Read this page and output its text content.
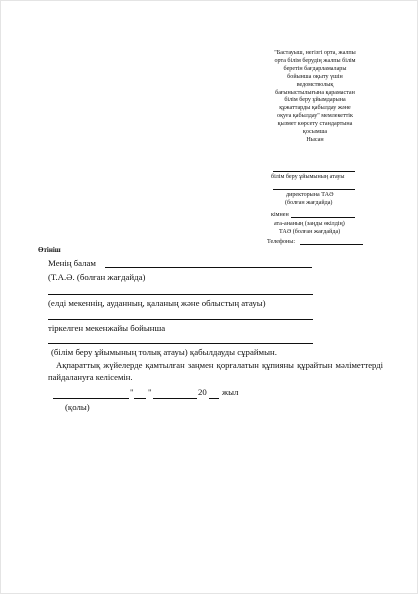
"Бастауыш, негізгі орта, жалпы
орта білім берудің жалпы білім
беретін бағдарламалары
бойынша оқыту үшін
ведомстволық
бағыныстылығына қарамастан
білім беру ұйымдарына
құжаттарды қабылдау және
оқуға қабылдау" мемлекеттік
қызмет көрсету стандартына
қосымша
Нысан
білім беру ұйымының атауы
директорына ТАӘ
(болған жағдайда)
кімнен
ата-ананың (заңды өкілдің)
ТАӘ (болған жағдайда)
Телефоны:
Өтініш
Менің балам
(Т.А.Ә. (болған жағдайда)
(елді мекеннің, ауданның, қаланың және облыстың атауы)
тіркелген мекенжайы бойынша
(білім беру ұйымының толық атауы) қабылдауды сұраймын.
Ақпараттық жүйелерде қамтылған заңмен қорғалатын құпияны құрайтын мәліметтерді пайдалануға келісемін.
" "	20 жыл
(қолы)
